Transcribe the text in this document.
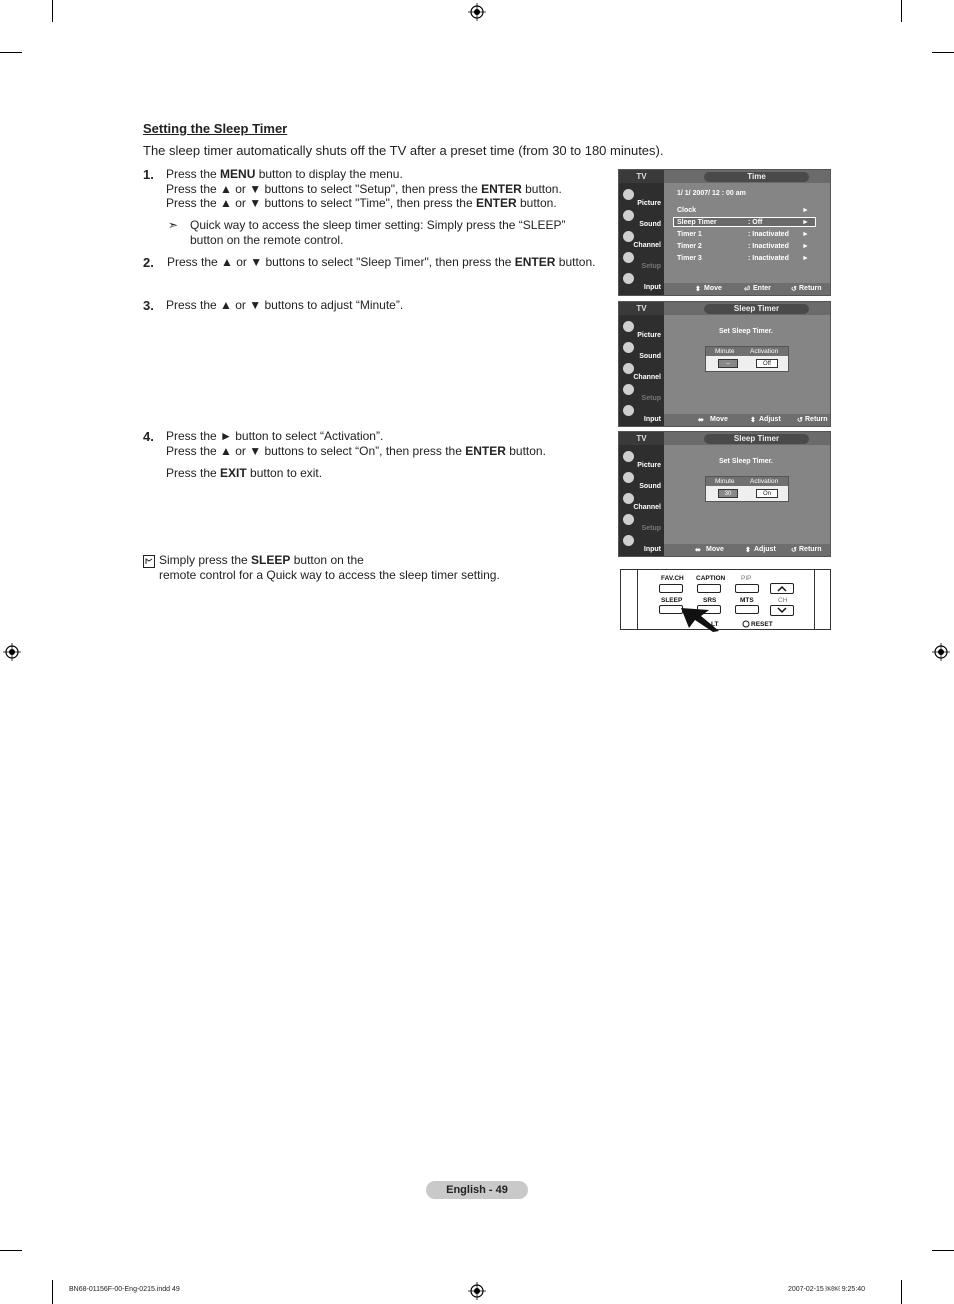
Setting the Sleep Timer
The sleep timer automatically shuts off the TV after a preset time (from 30 to 180 minutes).
1. Press the MENU button to display the menu.
Press the ▲ or ▼ buttons to select "Setup", then press the ENTER button.
Press the ▲ or ▼ buttons to select "Time", then press the ENTER button.
➣ Quick way to access the sleep timer setting: Simply press the “SLEEP”
button on the remote control.
2. Press the ▲ or ▼ buttons to select "Sleep Timer", then press the ENTER button.
3. Press the ▲ or ▼ buttons to adjust “Minute”.
4. Press the ► button to select “Activation”.
Press the ▲ or ▼ buttons to select “On”, then press the ENTER button.
Press the EXIT button to exit.
Simply press the SLEEP button on the
remote control for a Quick way to access the sleep timer setting.
TV	Time
Picture
Sound
Channel
Setup
Input
1/ 1/ 2007/ 12 : 00 am
Clock	►
Sleep Timer	: Off	►
Timer 1	: Inactivated ►
Timer 2	: Inactivated ►
Timer 3	: Inactivated ►
⬍ Move	⏎ Enter	↺ Return
TV	Sleep Timer
Picture
Sound
Channel
Setup
Input
Set Sleep Timer.
Minute Activation
--	Off
⬌ Move	⬍ Adjust ↺ Return
TV	Sleep Timer
Picture
Sound
Channel
Setup
Input
Set Sleep Timer.
Minute Activation
30	On
⬌ Move	⬍ Adjust ↺ Return
FAV.CH CAPTION PIP
SLEEP	SRS	MTS	CH
LT	RESET
English - 49
BN68-01156F-00-Eng-0215.indd 49	2007-02-15 ￼￼ 9:25:40
